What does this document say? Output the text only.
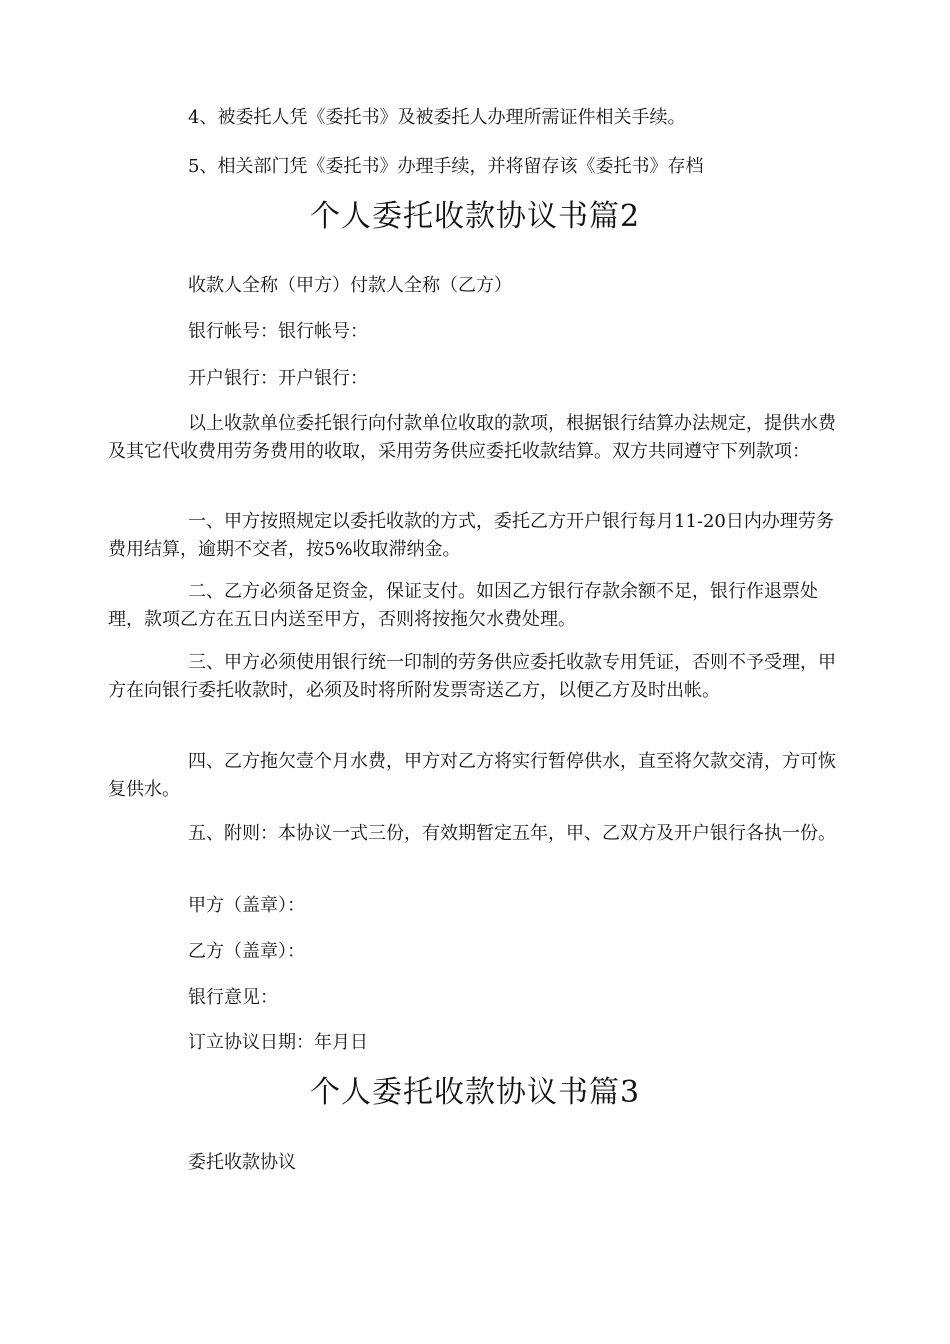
4、被委托人凭《委托书》及被委托人办理所需证件相关手续。
5、相关部门凭《委托书》办理手续，并将留存该《委托书》存档
个人委托收款协议书篇2
收款人全称（甲方）付款人全称（乙方）
银行帐号：银行帐号：
开户银行：开户银行：
以上收款单位委托银行向付款单位收取的款项，根据银行结算办法规定，提供水费及其它代收费用劳务费用的收取，采用劳务供应委托收款结算。双方共同遵守下列款项：
一、甲方按照规定以委托收款的方式，委托乙方开户银行每月11-20日内办理劳务费用结算，逾期不交者，按5%收取滞纳金。
二、乙方必须备足资金，保证支付。如因乙方银行存款余额不足，银行作退票处理，款项乙方在五日内送至甲方，否则将按拖欠水费处理。
三、甲方必须使用银行统一印制的劳务供应委托收款专用凭证，否则不予受理，甲方在向银行委托收款时，必须及时将所附发票寄送乙方，以便乙方及时出帐。
四、乙方拖欠壹个月水费，甲方对乙方将实行暂停供水，直至将欠款交清，方可恢复供水。
五、附则：本协议一式三份，有效期暂定五年，甲、乙双方及开户银行各执一份。
甲方（盖章）：
乙方（盖章）：
银行意见：
订立协议日期：年月日
个人委托收款协议书篇3
委托收款协议
